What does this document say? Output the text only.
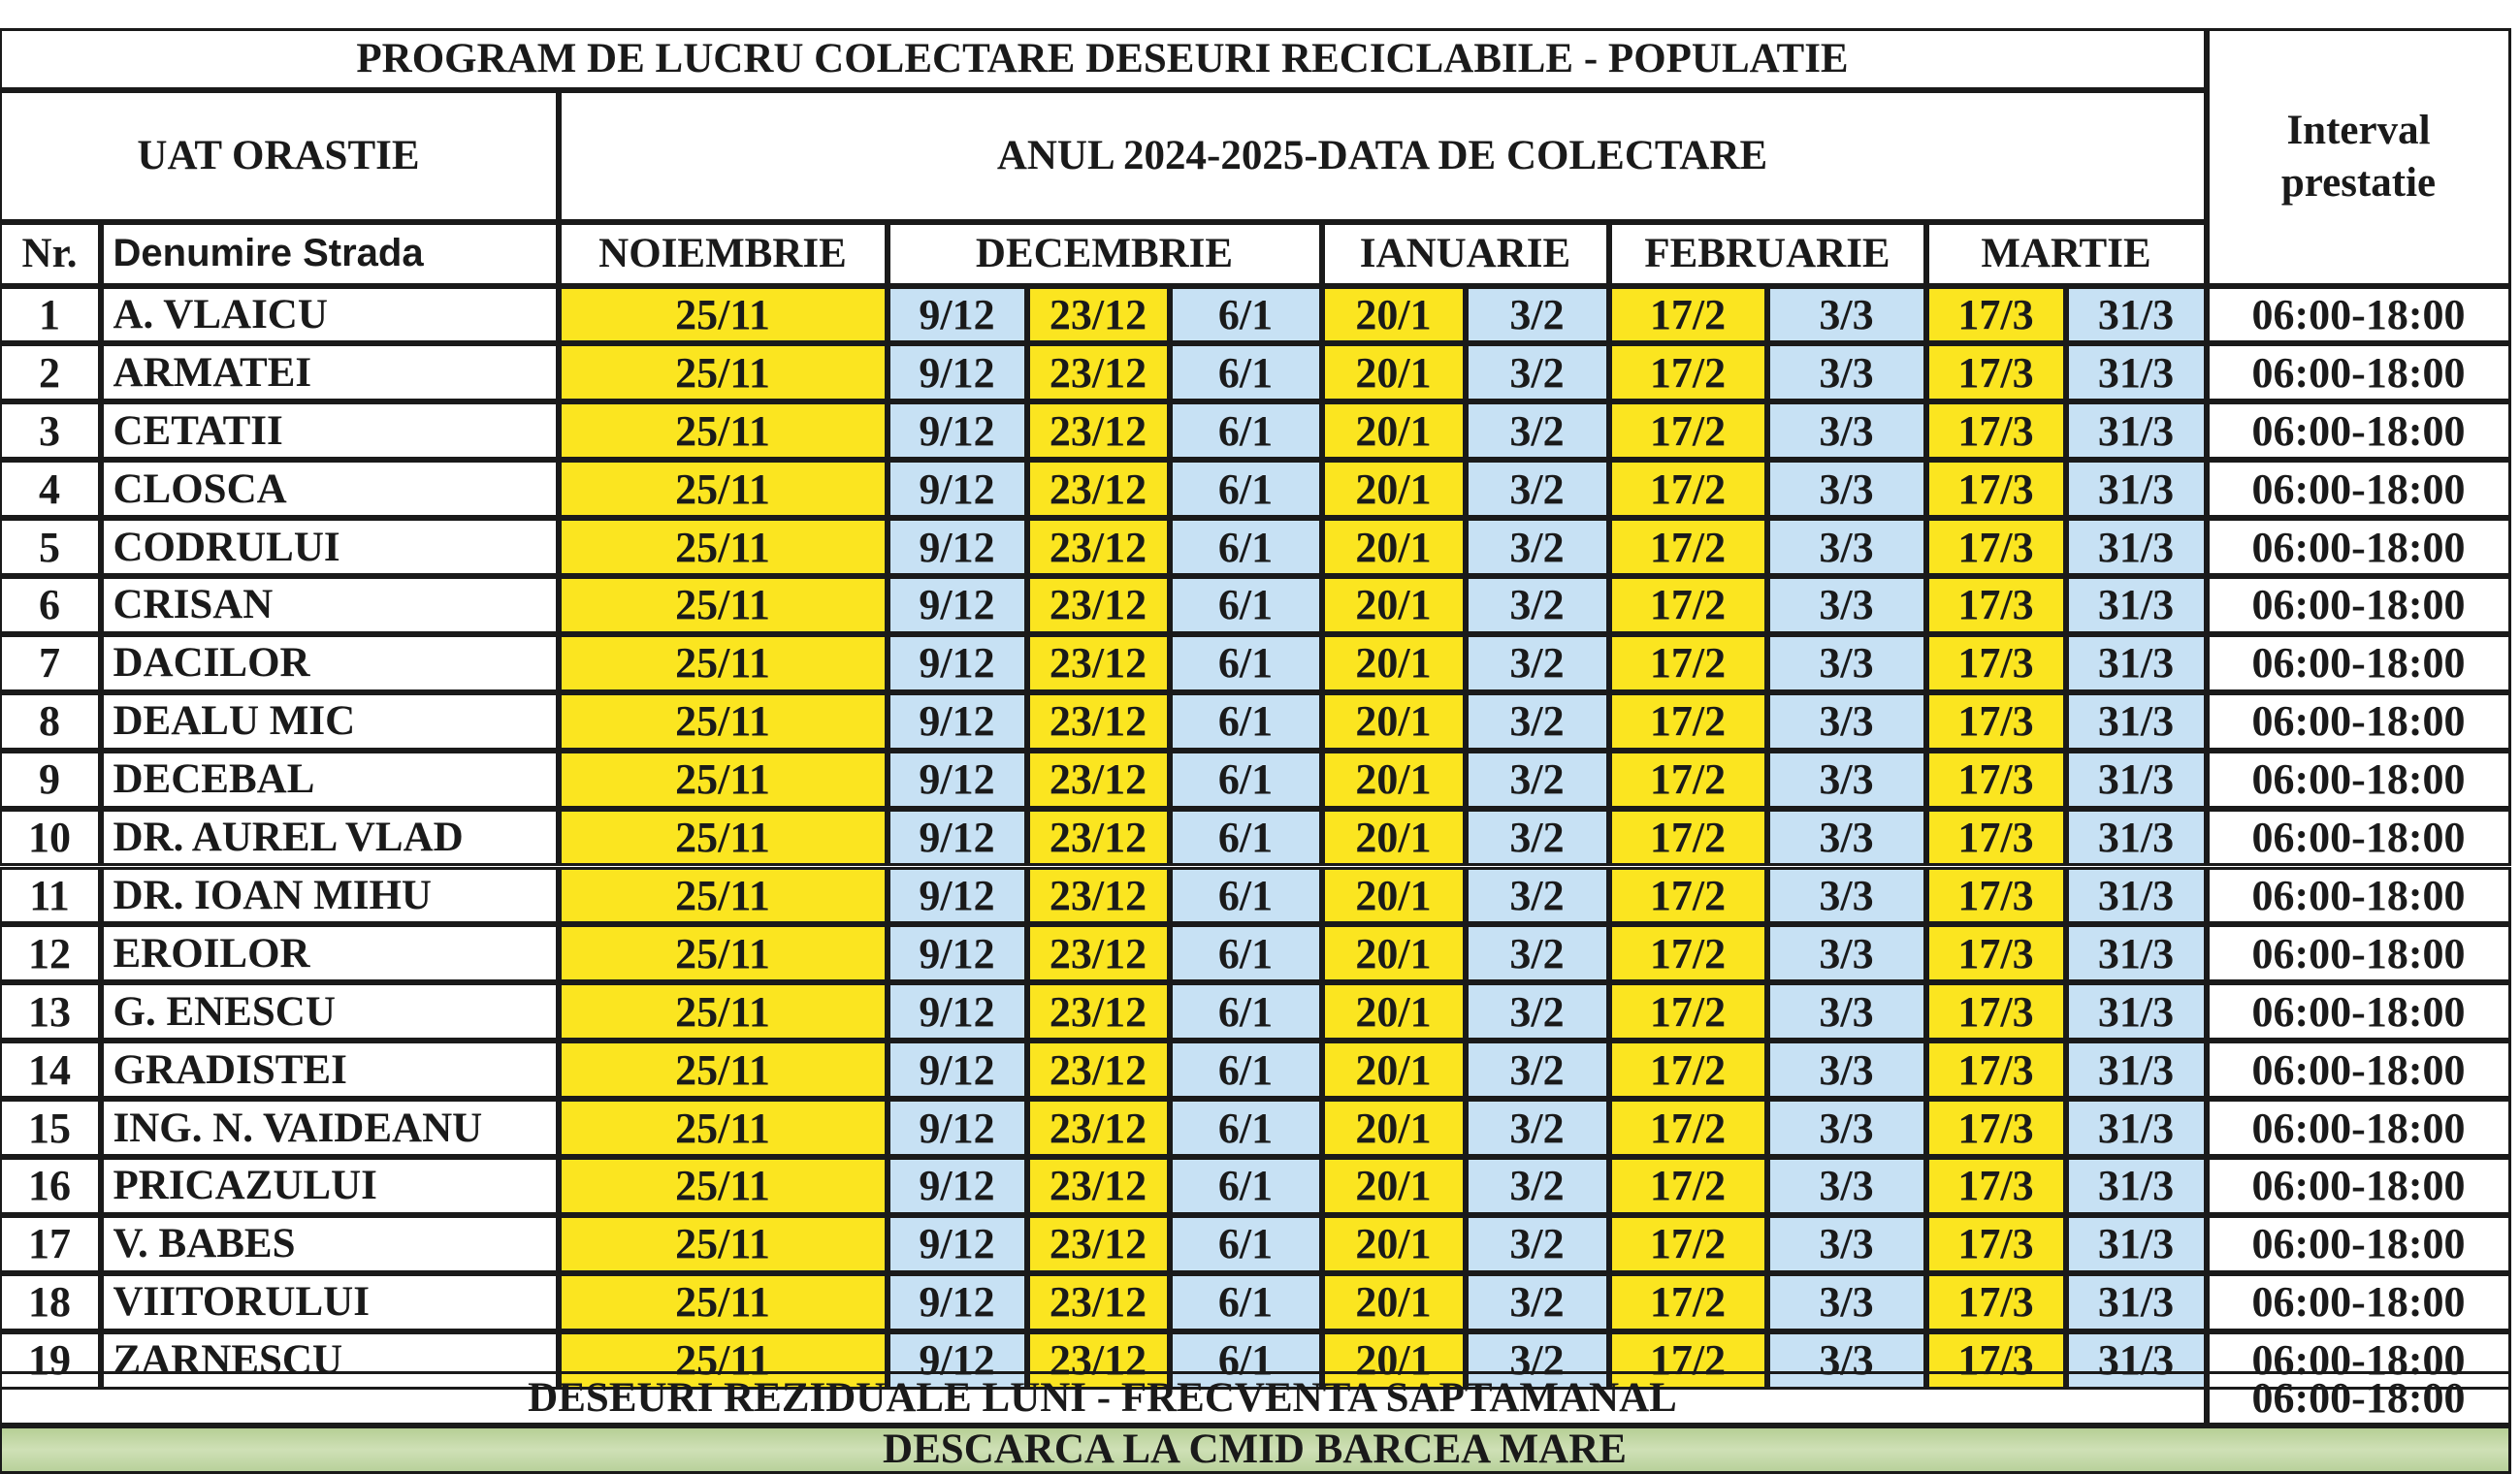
PROGRAM DE LUCRU COLECTARE DESEURI RECICLABILE - POPULATIE
Interval prestatie
UAT ORASTIE	ANUL 2024-2025-DATA DE COLECTARE
Nr. Denumire Strada	NOIEMBRIE	DECEMBRIE	IANUARIE	FEBRUARIE	MARTIE
1	A. VLAICU	25/11	9/12	23/12	6/1	20/1	3/2	17/2	3/3	17/3	31/3	06:00-18:00
2	ARMATEI	25/11	9/12	23/12	6/1	20/1	3/2	17/2	3/3	17/3	31/3	06:00-18:00
3	CETATII	25/11	9/12	23/12	6/1	20/1	3/2	17/2	3/3	17/3	31/3	06:00-18:00
4	CLOSCA	25/11	9/12	23/12	6/1	20/1	3/2	17/2	3/3	17/3	31/3	06:00-18:00
5	CODRULUI	25/11	9/12	23/12	6/1	20/1	3/2	17/2	3/3	17/3	31/3	06:00-18:00
6	CRISAN	25/11	9/12	23/12	6/1	20/1	3/2	17/2	3/3	17/3	31/3	06:00-18:00
7	DACILOR	25/11	9/12	23/12	6/1	20/1	3/2	17/2	3/3	17/3	31/3	06:00-18:00
8	DEALU MIC	25/11	9/12	23/12	6/1	20/1	3/2	17/2	3/3	17/3	31/3	06:00-18:00
9	DECEBAL	25/11	9/12	23/12	6/1	20/1	3/2	17/2	3/3	17/3	31/3	06:00-18:00
10	DR. AUREL VLAD	25/11	9/12	23/12	6/1	20/1	3/2	17/2	3/3	17/3	31/3	06:00-18:00
11	DR. IOAN MIHU	25/11	9/12	23/12	6/1	20/1	3/2	17/2	3/3	17/3	31/3	06:00-18:00
12	EROILOR	25/11	9/12	23/12	6/1	20/1	3/2	17/2	3/3	17/3	31/3	06:00-18:00
13	G. ENESCU	25/11	9/12	23/12	6/1	20/1	3/2	17/2	3/3	17/3	31/3	06:00-18:00
14	GRADISTEI	25/11	9/12	23/12	6/1	20/1	3/2	17/2	3/3	17/3	31/3	06:00-18:00
15	ING. N. VAIDEANU	25/11	9/12	23/12	6/1	20/1	3/2	17/2	3/3	17/3	31/3	06:00-18:00
16	PRICAZULUI	25/11	9/12	23/12	6/1	20/1	3/2	17/2	3/3	17/3	31/3	06:00-18:00
17	V. BABES	25/11	9/12	23/12	6/1	20/1	3/2	17/2	3/3	17/3	31/3	06:00-18:00
18	VIITORULUI	25/11	9/12	23/12	6/1	20/1	3/2	17/2	3/3	17/3	31/3	06:00-18:00
19	ZARNESCU	25/11	9/12	23/12	6/1	20/1	3/2	17/2	3/3	17/3	31/3	06:00-18:00
DESEURI REZIDUALE LUNI - FRECVENTA SAPTAMANAL	06:00-18:00
DESCARCA LA CMID BARCEA MARE
